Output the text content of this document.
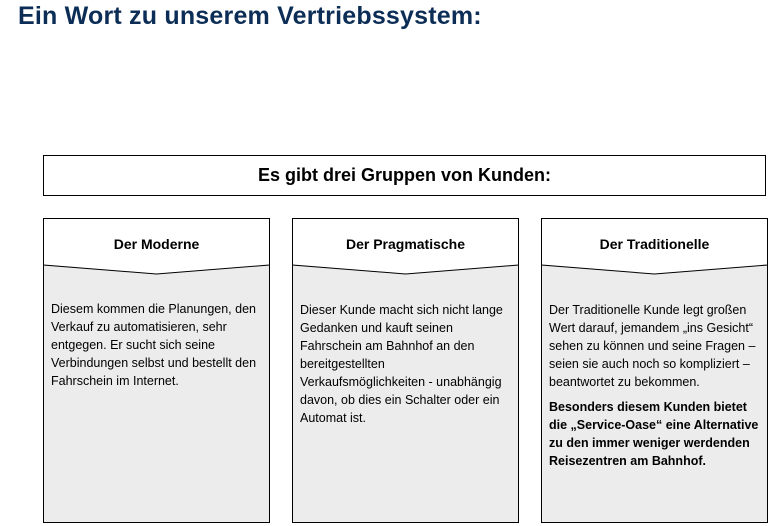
Ein Wort zu unserem Vertriebssystem:
Es gibt drei Gruppen von Kunden:
Der Moderne

Diesem kommen die Planungen, den Verkauf zu automatisieren, sehr entgegen. Er sucht sich seine Verbindungen selbst und bestellt den Fahrschein im Internet.

Der Pragmatische

Dieser Kunde macht sich nicht lange Gedanken und kauft seinen Fahrschein am Bahnhof an den bereitgestellten Verkaufsmöglichkeiten - unabhängig davon, ob dies ein Schalter oder ein Automat ist.

Der Traditionelle

Der Traditionelle Kunde legt großen Wert darauf, jemandem „ins Gesicht“ sehen zu können und seine Fragen – seien sie auch noch so kompliziert – beantwortet zu bekommen.

Besonders diesem Kunden bietet die „Service-Oase“ eine Alternative zu den immer weniger werdenden Reisezentren am Bahnhof.
